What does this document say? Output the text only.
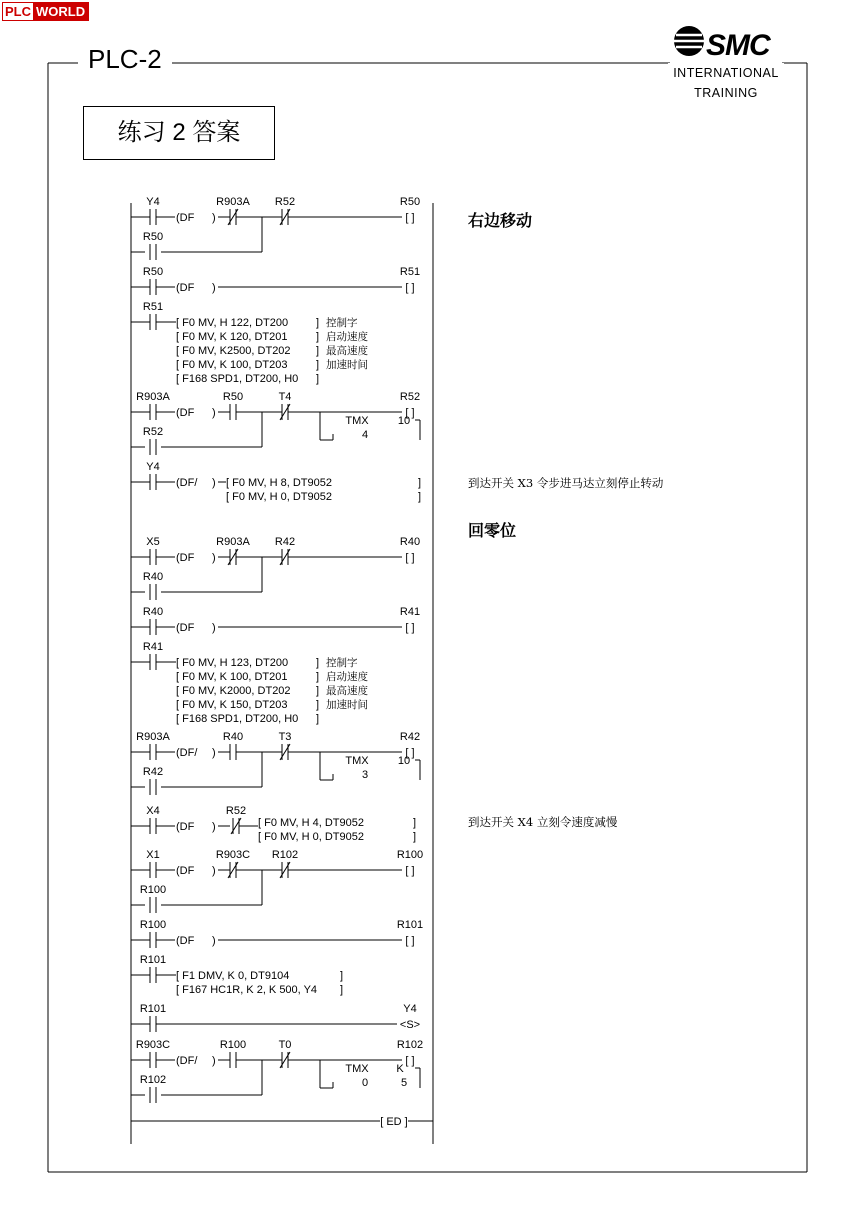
PLC WORLD
Y4
(DF )
R903A R52	R50
[ ]
R50
R50
(DF )
R51
[ ]
R51
[ F0 MV, H 122, DT200	] 控制字
[ F0 MV, K 120, DT201	] 启动速度
[ F0 MV, K2500, DT202 ] 最高速度
[ F0 MV, K 100, DT203	] 加速时间
[ F168 SPD1, DT200, H0 ]
R903A
(DF )
R50	T4	R52
[ ]
R52
TMX
4
10
Y4
(DF/ ) [ F0 MV, H 8, DT9052	]
[ F0 MV, H 0, DT9052	]
X5
(DF )
R903A R42	R40
[ ]
R40
R40
(DF )
R41
[ ]
R41
[ F0 MV, H 123, DT200	] 控制字
[ F0 MV, K 100, DT201	] 启动速度
[ F0 MV, K2000, DT202 ] 最高速度
[ F0 MV, K 150, DT203	] 加速时间
[ F168 SPD1, DT200, H0 ]
R903A
(DF/ )
R40	T3	R42
[ ]
R42
TMX
3
10
X4
(DF )
R52
[ F0 MV, H 4, DT9052	]
[ F0 MV, H 0, DT9052	]
X1
(DF )
R903C R102	R100
[ ]
R100
R100
(DF )
R101
[ ]
R101
[ F1 DMV, K 0, DT9104	]
[ F167 HC1R, K 2, K 500, Y4 ]
R101	Y4
<S>
R903C
(DF/ )
R100	T0	R102
[ ]
R102
TMX
0
K
5
[ ED ]
PLC-2	SMC
INTERNATIONAL
TRAINING
练习 2 答案
右边移动
到达开关 X3 令步进马达立刻停止转动
回零位
到达开关 X4 立刻令速度减慢
